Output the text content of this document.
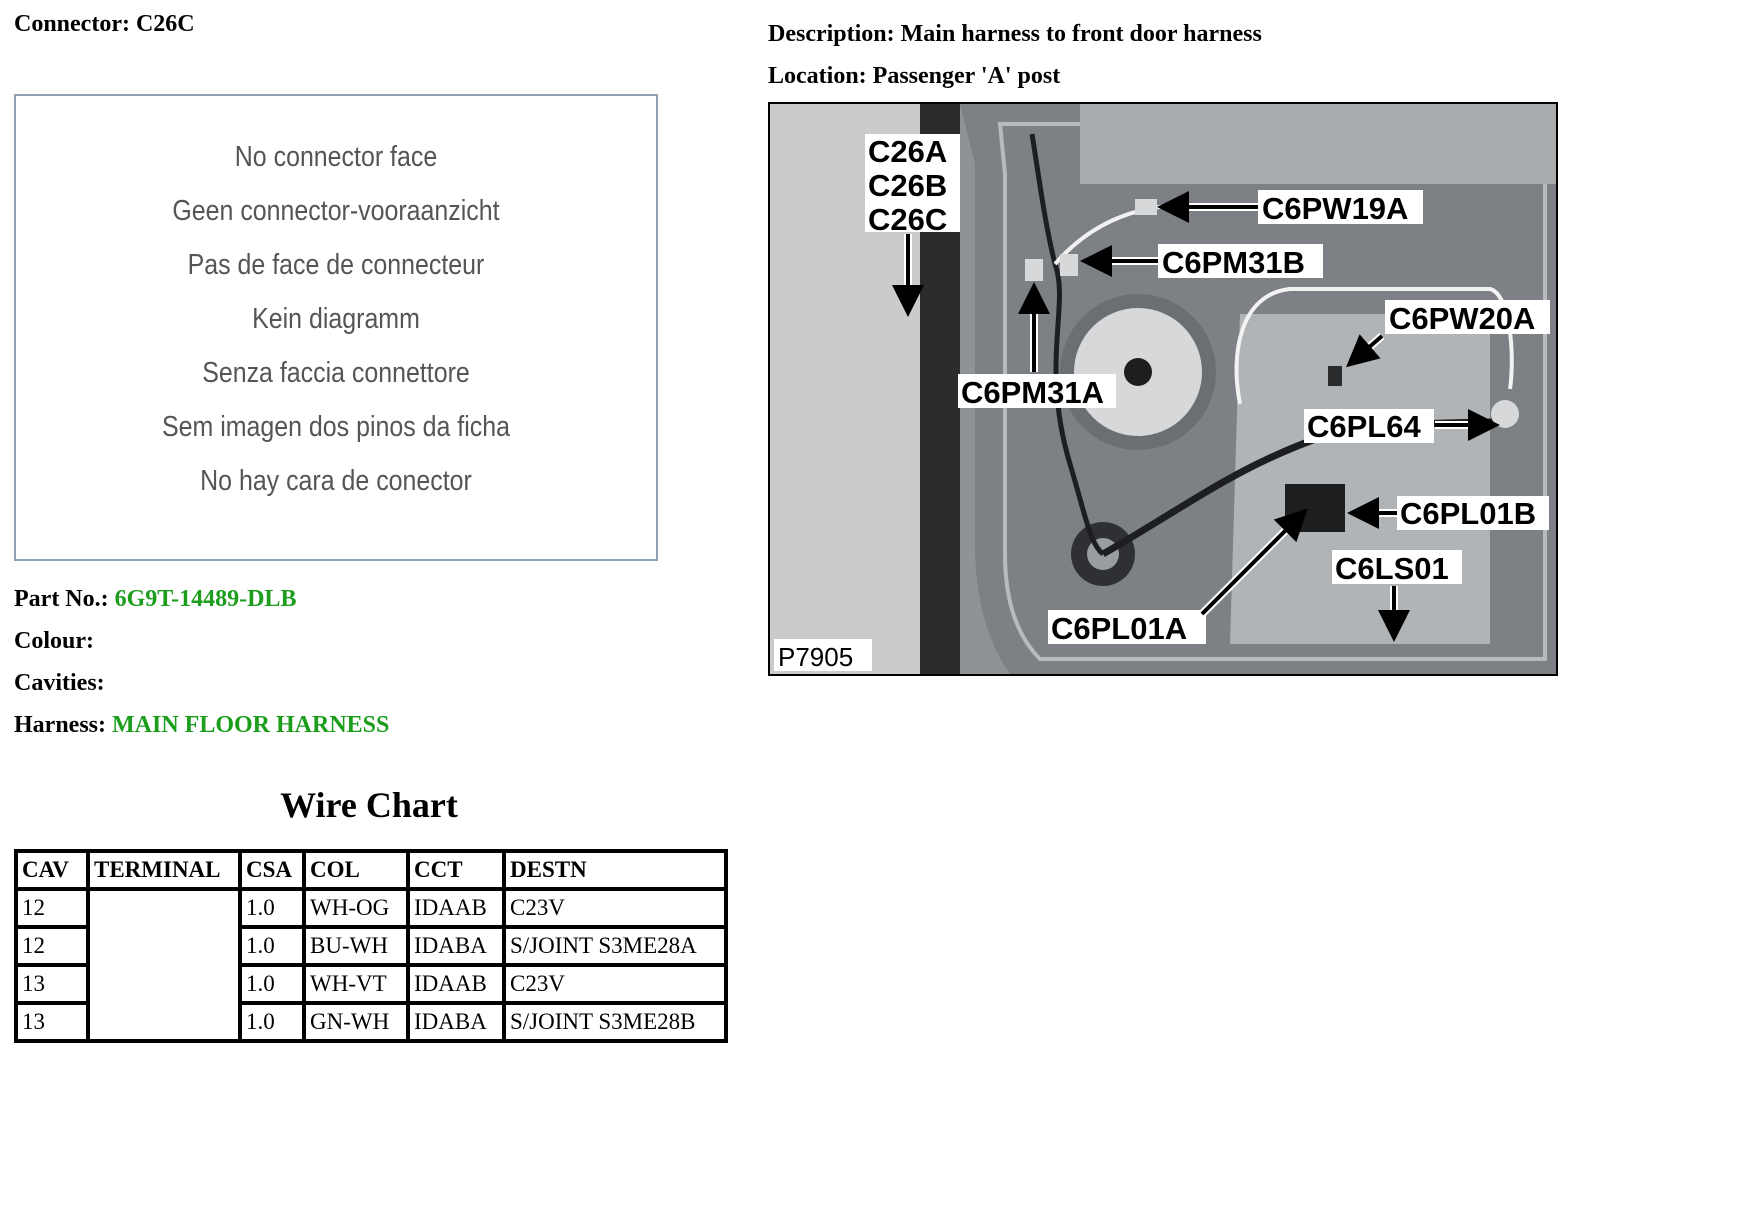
Connector: C26C	Description: Main harness to front door harness
Location: Passenger 'A' post
No connector face
Geen connector-vooraanzicht
Pas de face de connecteur
Kein diagramm
Senza faccia connettore
Sem imagen dos pinos da ficha
No hay cara de conector
Part No.: 6G9T-14489-DLB
Colour:
Cavities:
Harness: MAIN FLOOR HARNESS
Wire Chart
CAV	TERMINAL	CSA	COL	CCT	DESTN
12		1.0	WH-OG	IDAAB	C23V
12		1.0	BU-WH	IDABA	S/JOINT S3ME28A
13		1.0	WH-VT	IDAAB	C23V
13		1.0	GN-WH	IDABA	S/JOINT S3ME28B
C26A
C26B
C26C	C6PW19A
C6PM31B
C6PW20A
C6PM31A
C6PL64
C6PL01B
C6LS01
C6PL01A
P7905
